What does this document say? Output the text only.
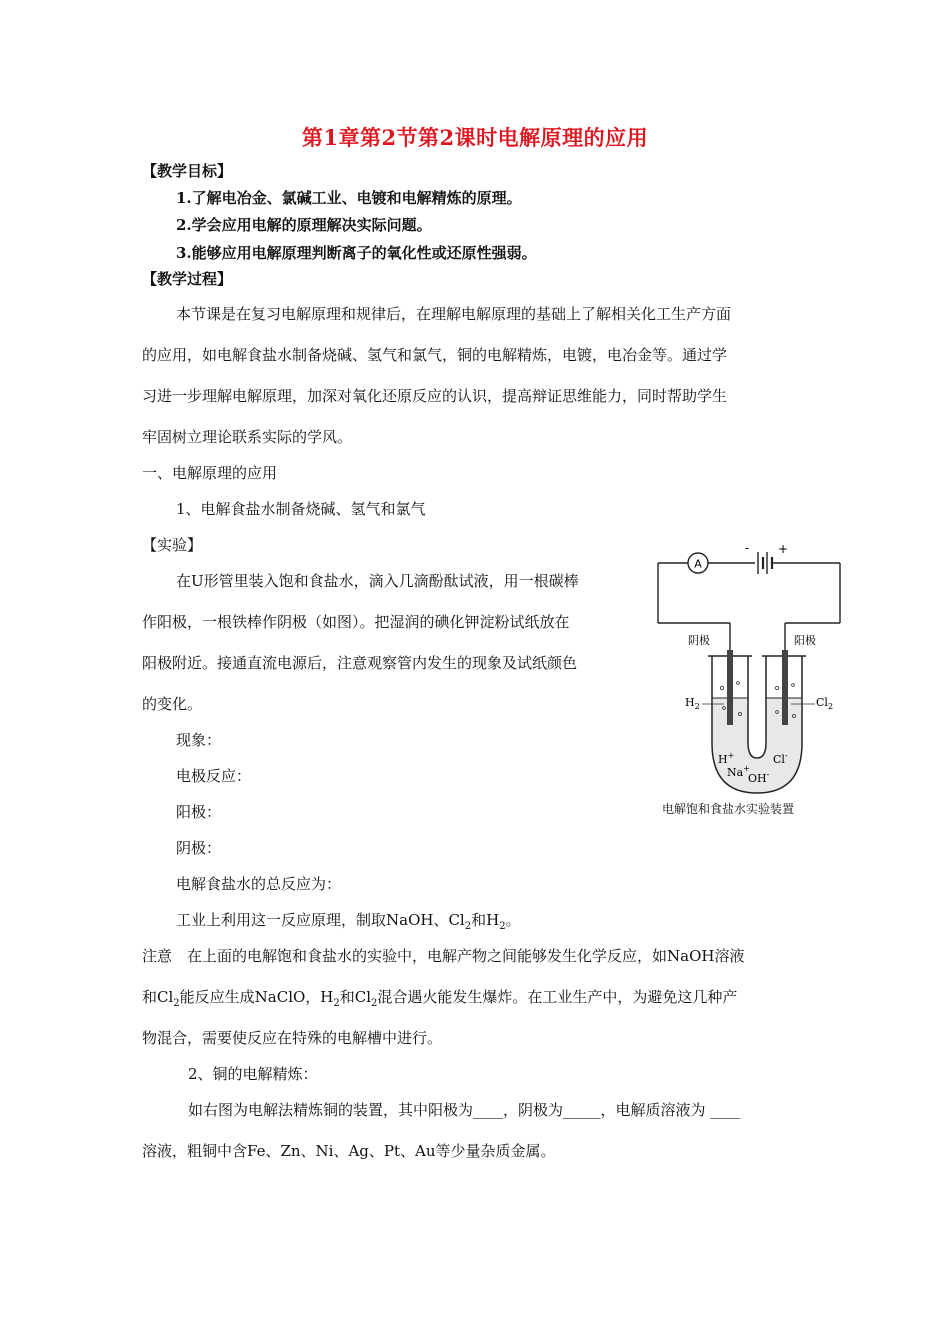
第1章第2节第2课时电解原理的应用
【教学目标】
1.了解电冶金、氯碱工业、电镀和电解精炼的原理。
2.学会应用电解的原理解决实际问题。
3.能够应用电解原理判断离子的氧化性或还原性强弱。
【教学过程】
本节课是在复习电解原理和规律后，在理解电解原理的基础上了解相关化工生产方面
的应用，如电解食盐水制备烧碱、氢气和氯气，铜的电解精炼，电镀，电冶金等。通过学
习进一步理解电解原理，加深对氧化还原反应的认识，提高辩证思维能力，同时帮助学生
牢固树立理论联系实际的学风。
一、电解原理的应用
1、电解食盐水制备烧碱、氢气和氯气
【实验】
在U形管里装入饱和食盐水，滴入几滴酚酞试液，用一根碳棒
作阳极，一根铁棒作阴极（如图）。把湿润的碘化钾淀粉试纸放在
阳极附近。接通直流电源后，注意观察管内发生的现象及试纸颜色
的变化。
现象：
电极反应：
阳极：
阴极：
电解食盐水的总反应为：
工业上利用这一反应原理，制取NaOH、$Cl_2$和$H_2$。
注意　在上面的电解饱和食盐水的实验中，电解产物之间能够发生化学反应，如NaOH溶液
和$Cl_2$能反应生成NaClO，$H_2$和$Cl_2$混合遇火能发生爆炸。在工业生产中，为避免这几种产
物混合，需要使反应在特殊的电解槽中进行。
2、铜的电解精炼：
如右图为电解法精炼铜的装置，其中阳极为____，阴极为_____，电解质溶液为 ____
溶液，粗铜中含Fe、Zn、Ni、Ag、Pt、Au等少量杂质金属。
A
- +
阴极	阳极
$H_2$	$Cl_2$
H+
Na+
Cl-
OH-
电解饱和食盐水实验装置
